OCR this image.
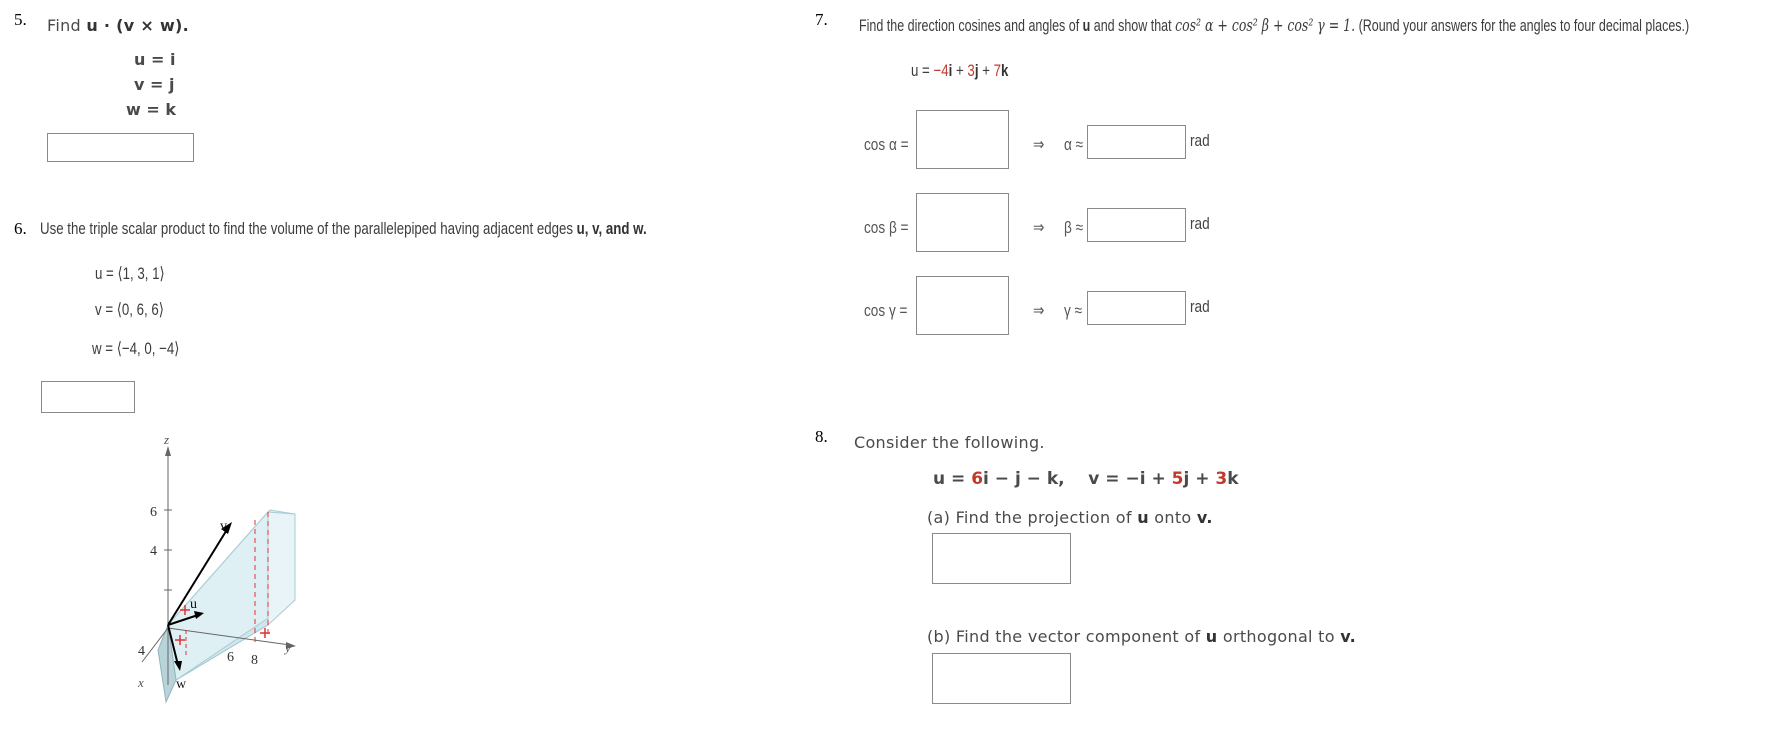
5. Find u · (v × w).
u = i
v = j
w = k
6. Use the triple scalar product to find the volume of the parallelepiped having adjacent edges u, v, and w.
u = ⟨1, 3, 1⟩
v = ⟨0, 6, 6⟩
w = ⟨−4, 0, −4⟩
z
6
4
4	6 8
y
x
v
u
w
7. Find the direction cosines and angles of u and show that cos² α + cos² β + cos² γ = 1. (Round your answers for the angles to four decimal places.)
u = −4i + 3j + 7k
cos α =	⇒ α ≈	rad
cos β =	⇒ β ≈	rad
cos γ =	⇒ γ ≈	rad
8. Consider the following.
u = 6i − j − k,    v = −i + 5j + 3k
(a) Find the projection of u onto v.
(b) Find the vector component of u orthogonal to v.
